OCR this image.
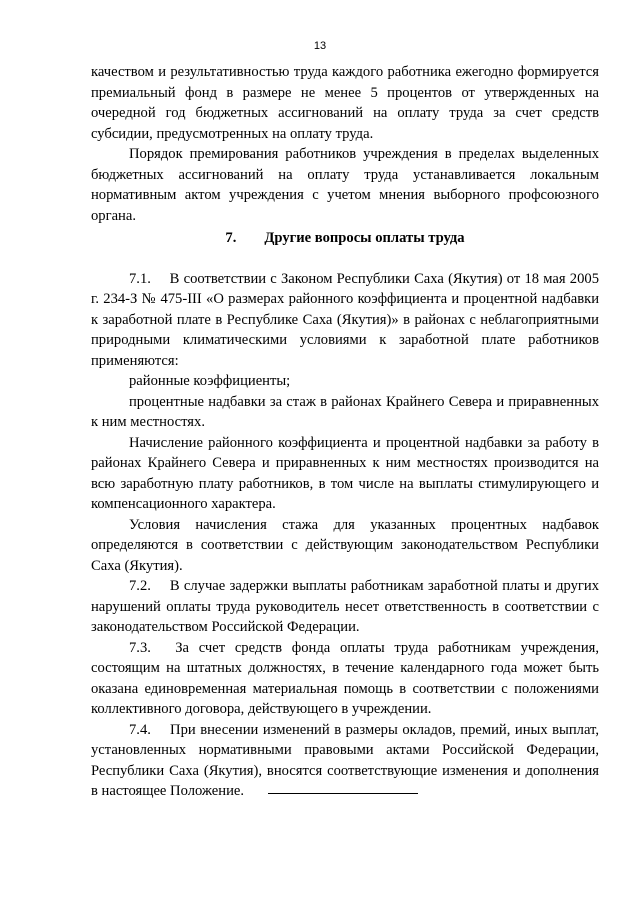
13

качеством и результативностью труда каждого работника ежегодно формируется премиальный фонд в размере не менее 5 процентов от утвержденных на очередной год бюджетных ассигнований на оплату труда за счет средств субсидии, предусмотренных на оплату труда.

Порядок премирования работников учреждения в пределах выделенных бюджетных ассигнований на оплату труда устанавливается локальным нормативным актом учреждения с учетом мнения выборного профсоюзного органа.

7. Другие вопросы оплаты труда

7.1.  В соответствии с Законом Республики Саха (Якутия) от 18 мая 2005 г. 234-З № 475-III «О размерах районного коэффициента и процентной надбавки к заработной плате в Республике Саха (Якутия)» в районах с неблагоприятными природными климатическими условиями к заработной плате работников применяются:

районные коэффициенты;

процентные надбавки за стаж в районах Крайнего Севера и приравненных к ним местностях.

Начисление районного коэффициента и процентной надбавки за работу в районах Крайнего Севера и приравненных к ним местностях производится на всю заработную плату работников, в том числе на выплаты стимулирующего и компенсационного характера.

Условия начисления стажа для указанных процентных надбавок определяются в соответствии с действующим законодательством Республики Саха (Якутия).

7.2.  В случае задержки выплаты работникам заработной платы и других нарушений оплаты труда руководитель несет ответственность в соответствии с законодательством Российской Федерации.

7.3.  За счет средств фонда оплаты труда работникам учреждения, состоящим на штатных должностях, в течение календарного года может быть оказана единовременная материальная помощь в соответствии с положениями коллективного договора, действующего в учреждении.

7.4.  При внесении изменений в размеры окладов, премий, иных выплат, установленных нормативными правовыми актами Российской Федерации, Республики Саха (Якутия), вносятся соответствующие изменения и дополнения в настоящее Положение.
